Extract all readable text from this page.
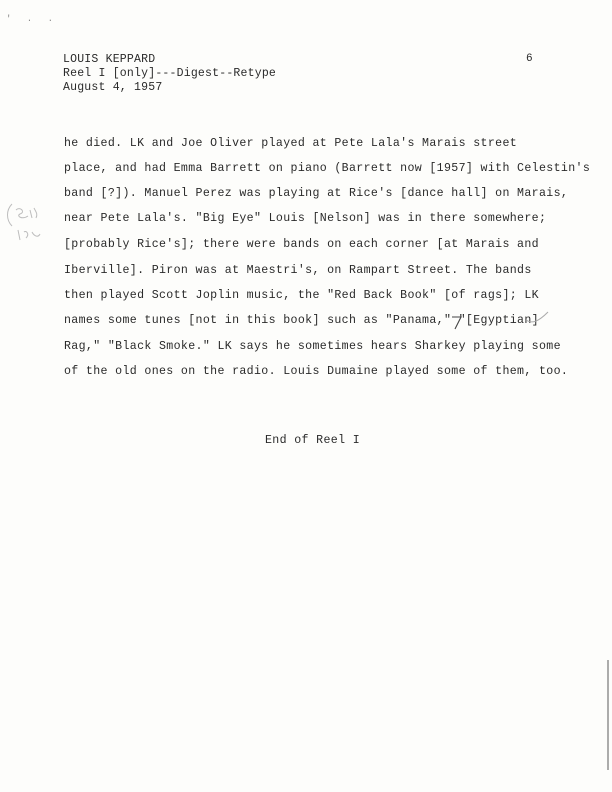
' . .
LOUIS KEPPARD
Reel I [only]---Digest--Retype
August 4, 1957
6
he died. LK and Joe Oliver played at Pete Lala's Marais street
place, and had Emma Barrett on piano (Barrett now [1957] with Celestin's
band [?]). Manuel Perez was playing at Rice's [dance hall] on Marais,
near Pete Lala's. "Big Eye" Louis [Nelson] was in there somewhere;
[probably Rice's]; there were bands on each corner [at Marais and
Iberville]. Piron was at Maestri's, on Rampart Street. The bands
then played Scott Joplin music, the "Red Back Book" [of rags]; LK
names some tunes [not in this book] such as "Panama," "[Egyptian]
Rag," "Black Smoke." LK says he sometimes hears Sharkey playing some
of the old ones on the radio. Louis Dumaine played some of them, too.
End of Reel I
